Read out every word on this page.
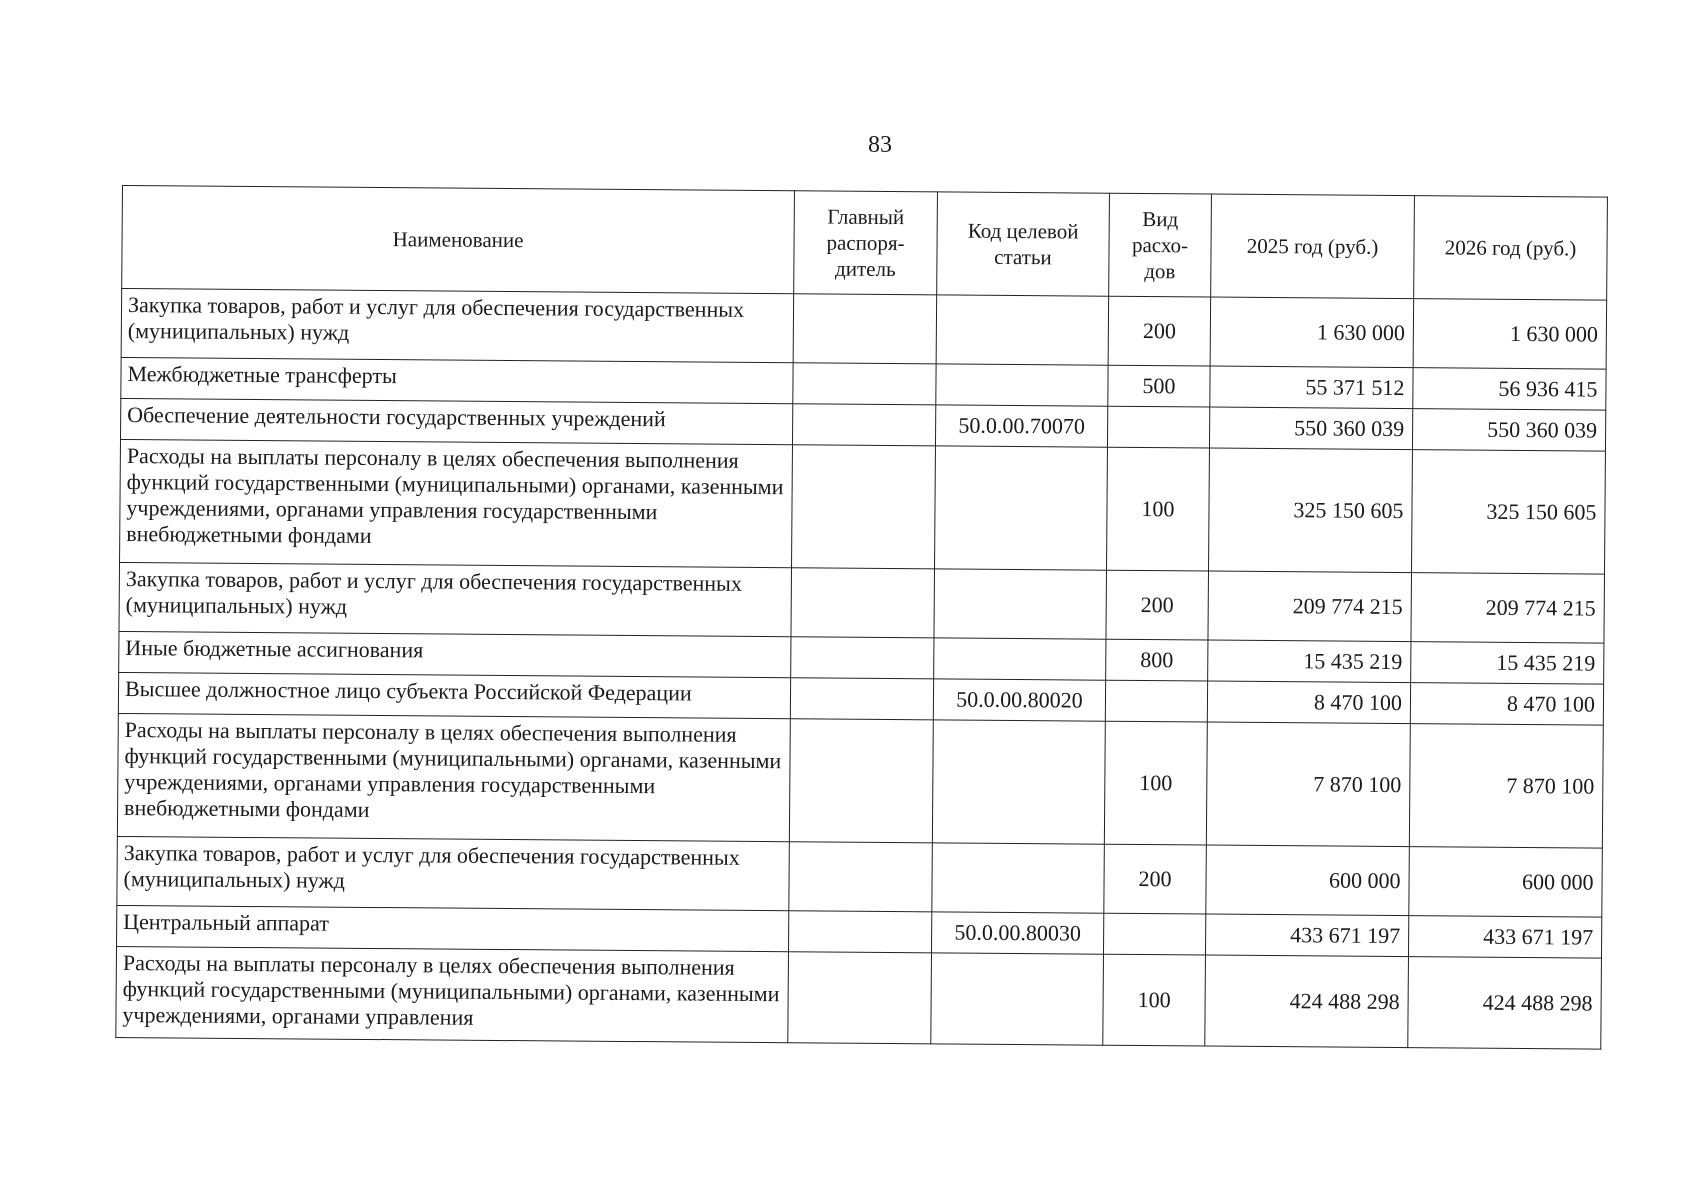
83
Наименование	Главный распоря-дитель	Код целевой статьи	Вид расхо-дов	2025 год (руб.)	2026 год (руб.)
Закупка товаров, работ и услуг для обеспечения государственных (муниципальных) нужд			200	1 630 000	1 630 000
Межбюджетные трансферты			500	55 371 512	56 936 415
Обеспечение деятельности государственных учреждений		50.0.00.70070		550 360 039	550 360 039
Расходы на выплаты персоналу в целях обеспечения выполнения функций государственными (муниципальными) органами, казенными учреждениями, органами управления государственными внебюджетными фондами			100	325 150 605	325 150 605
Закупка товаров, работ и услуг для обеспечения государственных (муниципальных) нужд			200	209 774 215	209 774 215
Иные бюджетные ассигнования			800	15 435 219	15 435 219
Высшее должностное лицо субъекта Российской Федерации		50.0.00.80020		8 470 100	8 470 100
Расходы на выплаты персоналу в целях обеспечения выполнения функций государственными (муниципальными) органами, казенными учреждениями, органами управления государственными внебюджетными фондами			100	7 870 100	7 870 100
Закупка товаров, работ и услуг для обеспечения государственных (муниципальных) нужд			200	600 000	600 000
Центральный аппарат		50.0.00.80030		433 671 197	433 671 197
Расходы на выплаты персоналу в целях обеспечения выполнения функций государственными (муниципальными) органами, казенными учреждениями, органами управления			100	424 488 298	424 488 298
